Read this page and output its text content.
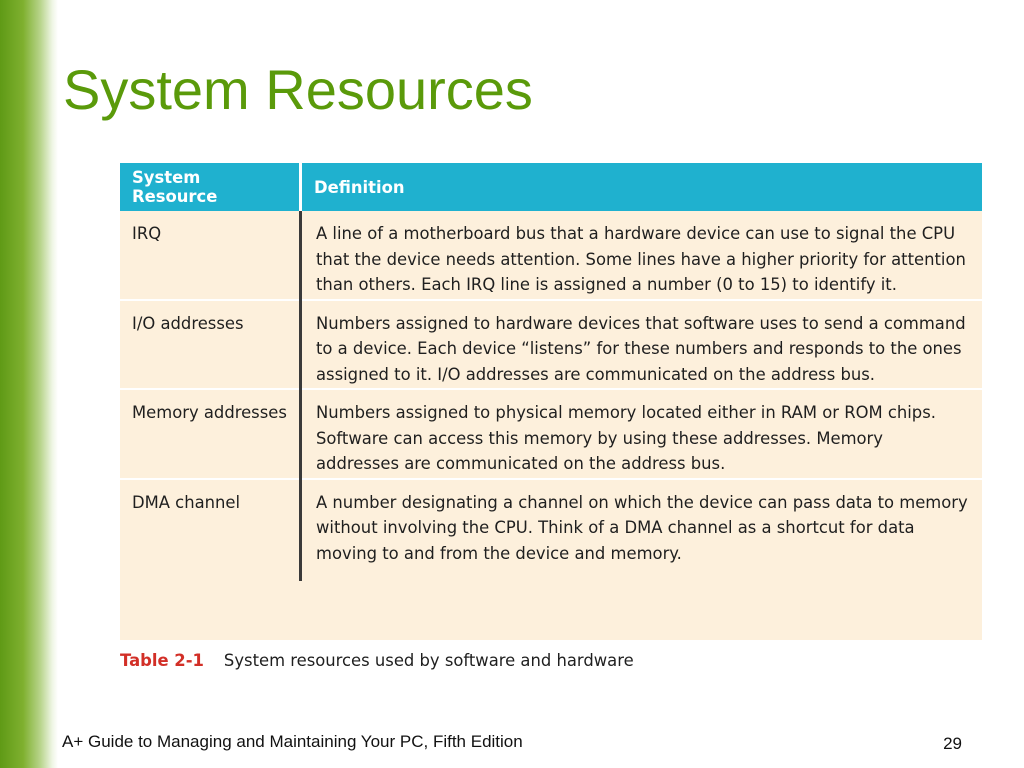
System Resources
System Resource	Definition
IRQ	A line of a motherboard bus that a hardware device can use to signal the CPU that the device needs attention. Some lines have a higher priority for attention than others. Each IRQ line is assigned a number (0 to 15) to identify it.
I/O addresses	Numbers assigned to hardware devices that software uses to send a command to a device. Each device “listens” for these numbers and responds to the ones assigned to it. I/O addresses are communicated on the address bus.
Memory addresses	Numbers assigned to physical memory located either in RAM or ROM chips. Software can access this memory by using these addresses. Memory addresses are communicated on the address bus.
DMA channel	A number designating a channel on which the device can pass data to memory without involving the CPU. Think of a DMA channel as a shortcut for data moving to and from the device and memory.
Table 2-1 System resources used by software and hardware
A+ Guide to Managing and Maintaining Your PC, Fifth Edition	29
